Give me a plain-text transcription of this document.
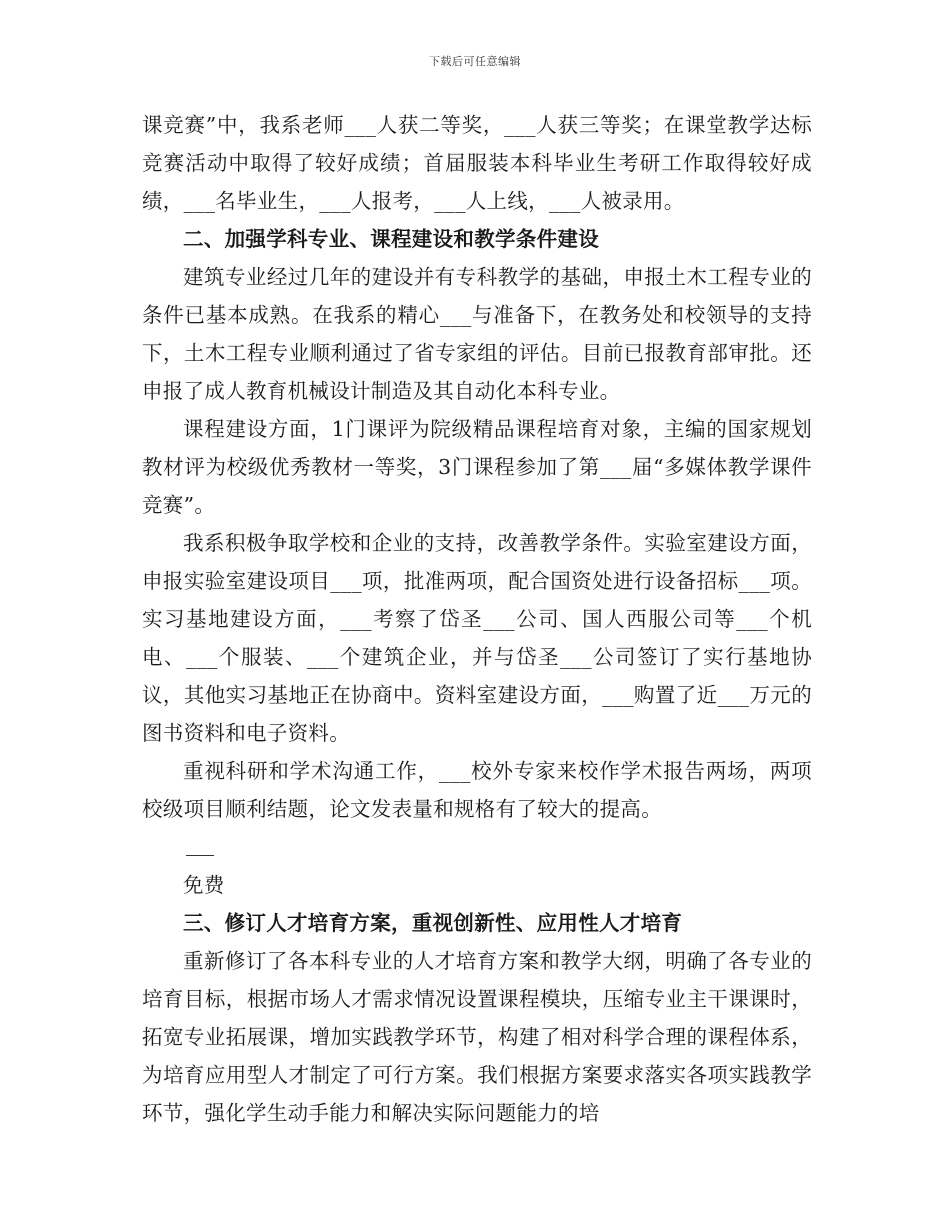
下载后可任意编辑

课竞赛”中，我系老师___人获二等奖，___人获三等奖；在课堂教学达标竞赛活动中取得了较好成绩；首届服装本科毕业生考研工作取得较好成绩，___名毕业生，___人报考，___人上线，___人被录用。

二、加强学科专业、课程建设和教学条件建设

建筑专业经过几年的建设并有专科教学的基础，申报土木工程专业的条件已基本成熟。在我系的精心___与准备下，在教务处和校领导的支持下，土木工程专业顺利通过了省专家组的评估。目前已报教育部审批。还申报了成人教育机械设计制造及其自动化本科专业。

课程建设方面，1门课评为院级精品课程培育对象，主编的国家规划教材评为校级优秀教材一等奖，3门课程参加了第___届“多媒体教学课件竞赛”。

我系积极争取学校和企业的支持，改善教学条件。实验室建设方面，申报实验室建设项目___项，批准两项，配合国资处进行设备招标___项。实习基地建设方面，___考察了岱圣___公司、国人西服公司等___个机电、___个服装、___个建筑企业，并与岱圣___公司签订了实行基地协议，其他实习基地正在协商中。资料室建设方面，___购置了近___万元的图书资料和电子资料。

重视科研和学术沟通工作，___校外专家来校作学术报告两场，两项校级项目顺利结题，论文发表量和规格有了较大的提高。

免费

三、修订人才培育方案，重视创新性、应用性人才培育

重新修订了各本科专业的人才培育方案和教学大纲，明确了各专业的培育目标，根据市场人才需求情况设置课程模块，压缩专业主干课课时，拓宽专业拓展课，增加实践教学环节，构建了相对科学合理的课程体系，为培育应用型人才制定了可行方案。我们根据方案要求落实各项实践教学环节，强化学生动手能力和解决实际问题能力的培
